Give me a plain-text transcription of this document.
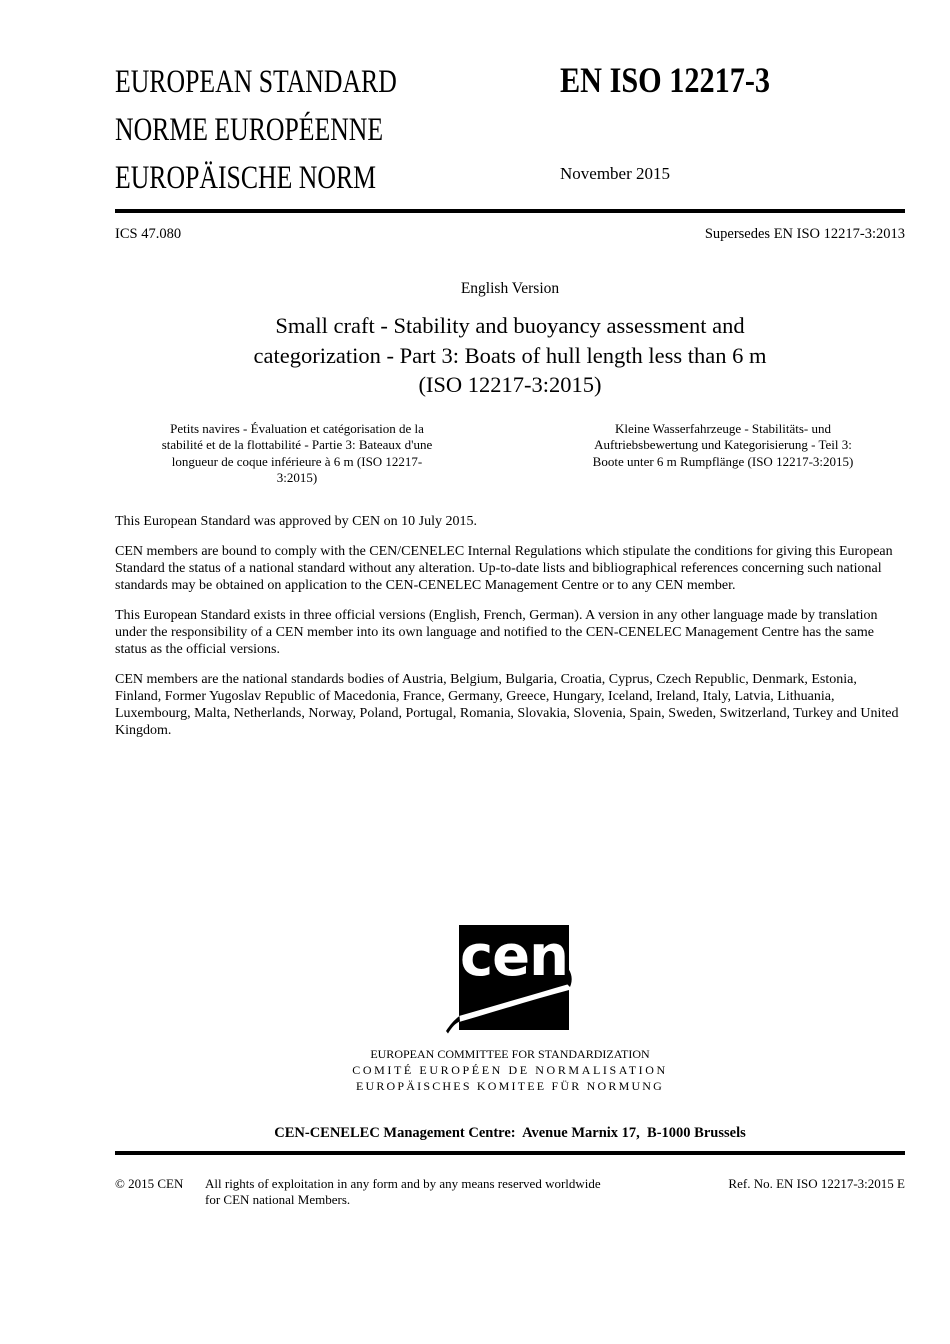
EUROPEAN STANDARD
NORME EUROPÉENNE
EUROPÄISCHE NORM
EN ISO 12217-3
November 2015
ICS 47.080	Supersedes EN ISO 12217-3:2013
English Version
Small craft - Stability and buoyancy assessment and
categorization - Part 3: Boats of hull length less than 6 m
(ISO 12217-3:2015)
Petits navires - Évaluation et catégorisation de la
stabilité et de la flottabilité - Partie 3: Bateaux d'une
longueur de coque inférieure à 6 m (ISO 12217-
3:2015)
Kleine Wasserfahrzeuge - Stabilitäts- und
Auftriebsbewertung und Kategorisierung - Teil 3:
Boote unter 6 m Rumpflänge (ISO 12217-3:2015)

This European Standard was approved by CEN on 10 July 2015.

CEN members are bound to comply with the CEN/CENELEC Internal Regulations which stipulate the conditions for giving this European Standard the status of a national standard without any alteration. Up-to-date lists and bibliographical references concerning such national standards may be obtained on application to the CEN-CENELEC Management Centre or to any CEN member.

This European Standard exists in three official versions (English, French, German). A version in any other language made by translation under the responsibility of a CEN member into its own language and notified to the CEN-CENELEC Management Centre has the same status as the official versions.

CEN members are the national standards bodies of Austria, Belgium, Bulgaria, Croatia, Cyprus, Czech Republic, Denmark, Estonia, Finland, Former Yugoslav Republic of Macedonia, France, Germany, Greece, Hungary, Iceland, Ireland, Italy, Latvia, Lithuania, Luxembourg, Malta, Netherlands, Norway, Poland, Portugal, Romania, Slovakia, Slovenia, Spain, Sweden, Switzerland, Turkey and United Kingdom.

cen
EUROPEAN COMMITTEE FOR STANDARDIZATION
COMITÉ EUROPÉEN DE NORMALISATION
EUROPÄISCHES KOMITEE FÜR NORMUNG
CEN-CENELEC Management Centre:  Avenue Marnix 17,  B-1000 Brussels
© 2015 CEN	All rights of exploitation in any form and by any means reserved worldwide for CEN national Members.
Ref. No. EN ISO 12217-3:2015 E
